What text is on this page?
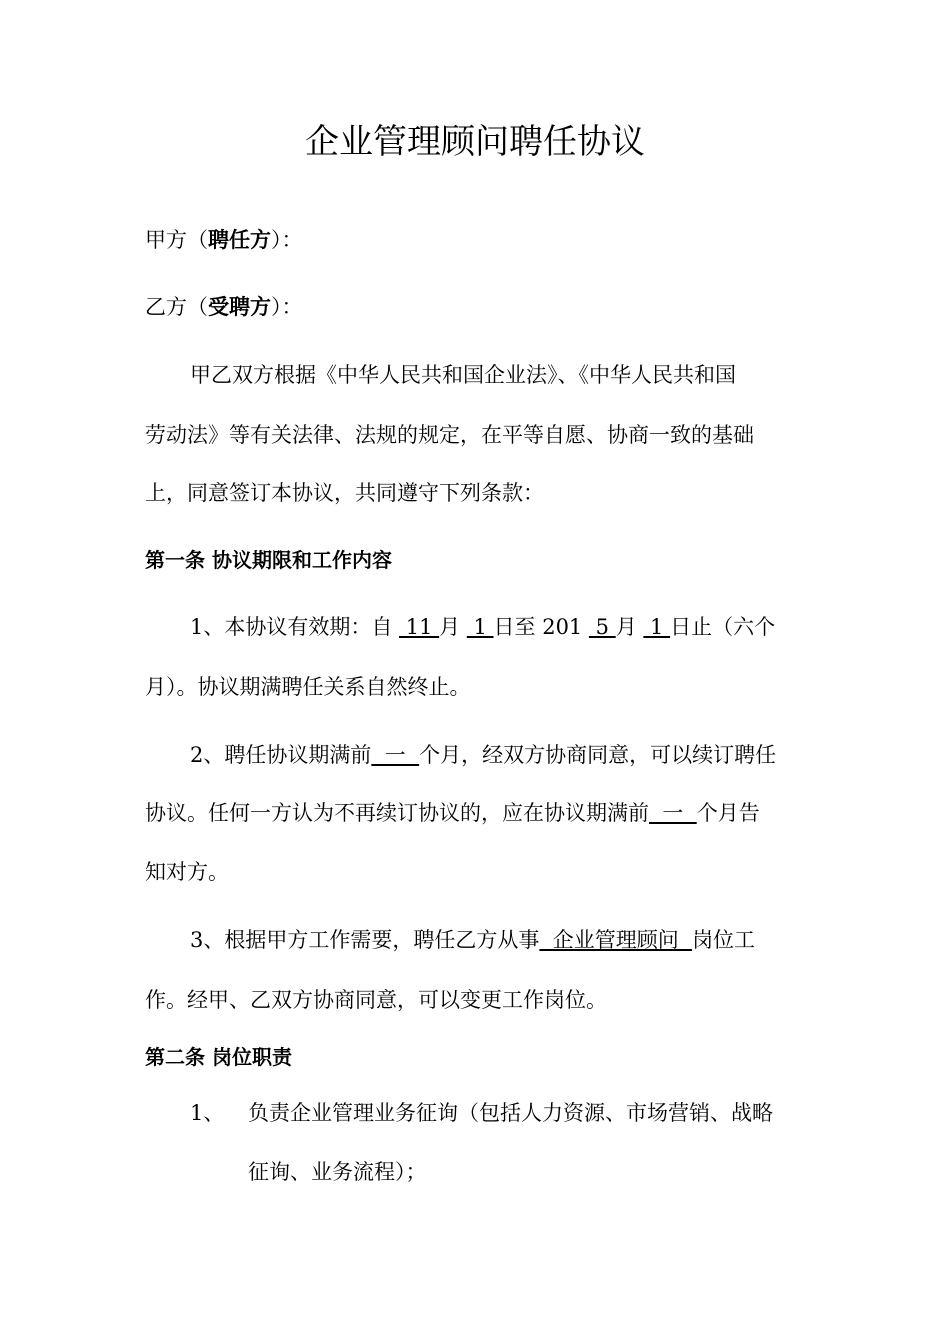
企业管理顾问聘任协议
甲方（聘任方）：
乙方（受聘方）：
甲乙双方根据《中华人民共和国企业法》、《中华人民共和国
劳动法》等有关法律、法规的规定，在平等自愿、协商一致的基础
上，同意签订本协议，共同遵守下列条款：
第一条 协议期限和工作内容
1、本协议有效期：自  11 月  1 日至 201  5 月  1 日止（六个
月）。协议期满聘任关系自然终止。
2、聘任协议期满前  一  个月，经双方协商同意，可以续订聘任
协议。任何一方认为不再续订协议的，应在协议期满前  一  个月告
知对方。
3、根据甲方工作需要，聘任乙方从事  企业管理顾问  岗位工
作。经甲、乙双方协商同意，可以变更工作岗位。
第二条 岗位职责
1、 负责企业管理业务征询（包括人力资源、市场营销、战略
征询、业务流程）；
